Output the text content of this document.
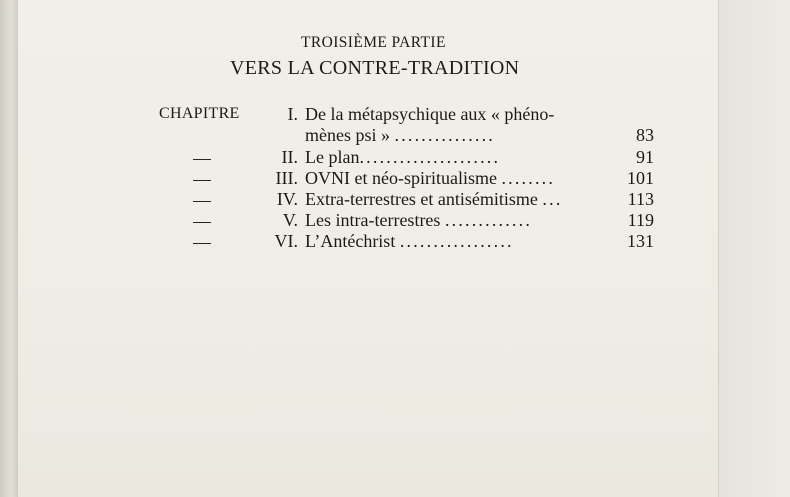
TROISIÈME PARTIE
VERS LA CONTRE-TRADITION
CHAPITRE	I. De la métapsychique aux « phéno-
mènes psi » ...............	83
II. Le plan.....................	91
III. OVNI et néo-spiritualisme ........	101
IV. Extra-terrestres et antisémitisme ...	113
V. Les intra-terrestres .............	119
VI. L’Antéchrist .................	131
